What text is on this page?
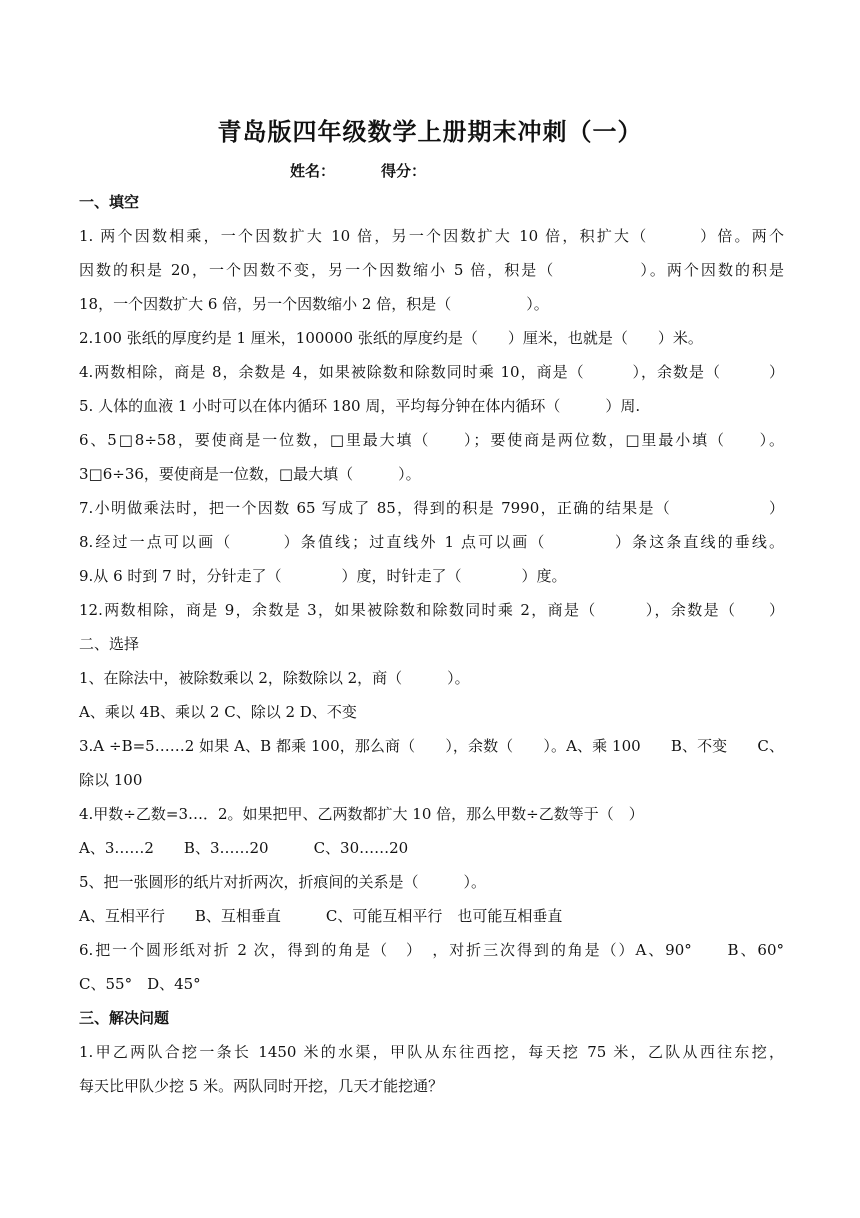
青岛版四年级数学上册期末冲刺（一）
姓名：	得分：
一、填空
1. 两个因数相乘，一个因数扩大 10 倍，另一个因数扩大 10 倍，积扩大（　　　）倍。两个
因数的积是 20，一个因数不变，另一个因数缩小 5 倍，积是（　　　　　）。两个因数的积是
18，一个因数扩大 6 倍，另一个因数缩小 2 倍，积是（　　　　　）。
2.100 张纸的厚度约是 1 厘米，100000 张纸的厚度约是（　　）厘米，也就是（　　）米。
4.两数相除，商是 8，余数是 4，如果被除数和除数同时乘 10，商是（　　　），余数是（　　　）
5. 人体的血液 1 小时可以在体内循环 180 周，平均每分钟在体内循环（　　　）周.
6、5□8÷58，要使商是一位数，□里最大填（　　）；要使商是两位数，□里最小填（　　）。
3□6÷36，要使商是一位数，□最大填（　　　）。
7.小明做乘法时，把一个因数 65 写成了 85，得到的积是 7990，正确的结果是（　　　　　　）
8.经过一点可以画（　　　）条值线；过直线外 1 点可以画（　　　　）条这条直线的垂线。
9.从 6 时到 7 时，分针走了（　　　　）度，时针走了（　　　　）度。
12.两数相除，商是 9，余数是 3，如果被除数和除数同时乘 2，商是（　　　），余数是（　　）
二、选择
1、在除法中，被除数乘以 2，除数除以 2，商（　　　）。
A、乘以 4B、乘以 2 C、除以 2 D、不变
3.A ÷B=5……2 如果 A、B 都乘 100，那么商（　　），余数（　　）。A、乘 100　　B、不变　　C、
除以 100
4.甲数÷乙数=3…．2。如果把甲、乙两数都扩大 10 倍，那么甲数÷乙数等于（　）
A、3……2　　B、3……20　　　C、30……20
5、把一张圆形的纸片对折两次，折痕间的关系是（　　　）。
A、互相平行　　B、互相垂直　　　C、可能互相平行　也可能互相垂直
6.把一个圆形纸对折 2 次，得到的角是（　）　，对折三次得到的角是（）A、90°　　B、60°
C、55°　D、45°
三、解决问题
1.甲乙两队合挖一条长 1450 米的水渠，甲队从东往西挖，每天挖 75 米，乙队从西往东挖，
每天比甲队少挖 5 米。两队同时开挖，几天才能挖通？
